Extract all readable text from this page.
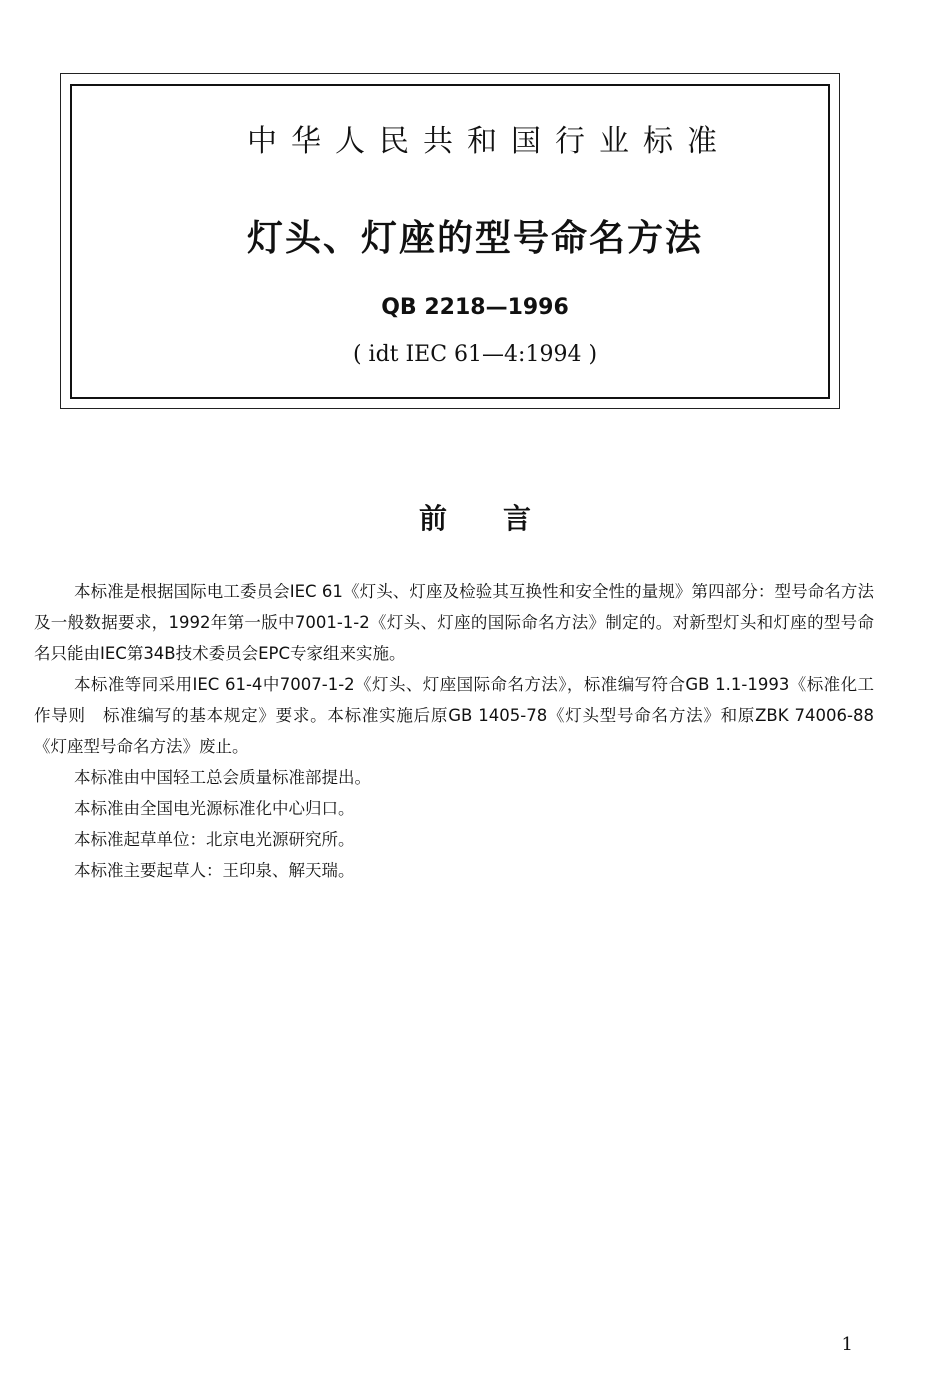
中华人民共和国行业标准
灯头、灯座的型号命名方法
QB 2218—1996
( idt IEC 61—4:1994 )
前言

本标准是根据国际电工委员会IEC 61《灯头、灯座及检验其互换性和安全性的量规》第四部分：型号命名方法及一般数据要求，1992年第一版中7001-1-2《灯头、灯座的国际命名方法》制定的。对新型灯头和灯座的型号命名只能由IEC第34B技术委员会EPC专家组来实施。

本标准等同采用IEC 61-4中7007-1-2《灯头、灯座国际命名方法》，标准编写符合GB 1.1-1993《标准化工作导则　标准编写的基本规定》要求。本标准实施后原GB 1405-78《灯头型号命名方法》和原ZBK 74006-88《灯座型号命名方法》废止。

本标准由中国轻工总会质量标准部提出。

本标准由全国电光源标准化中心归口。

本标准起草单位：北京电光源研究所。

本标准主要起草人：王印泉、解天瑞。

1
